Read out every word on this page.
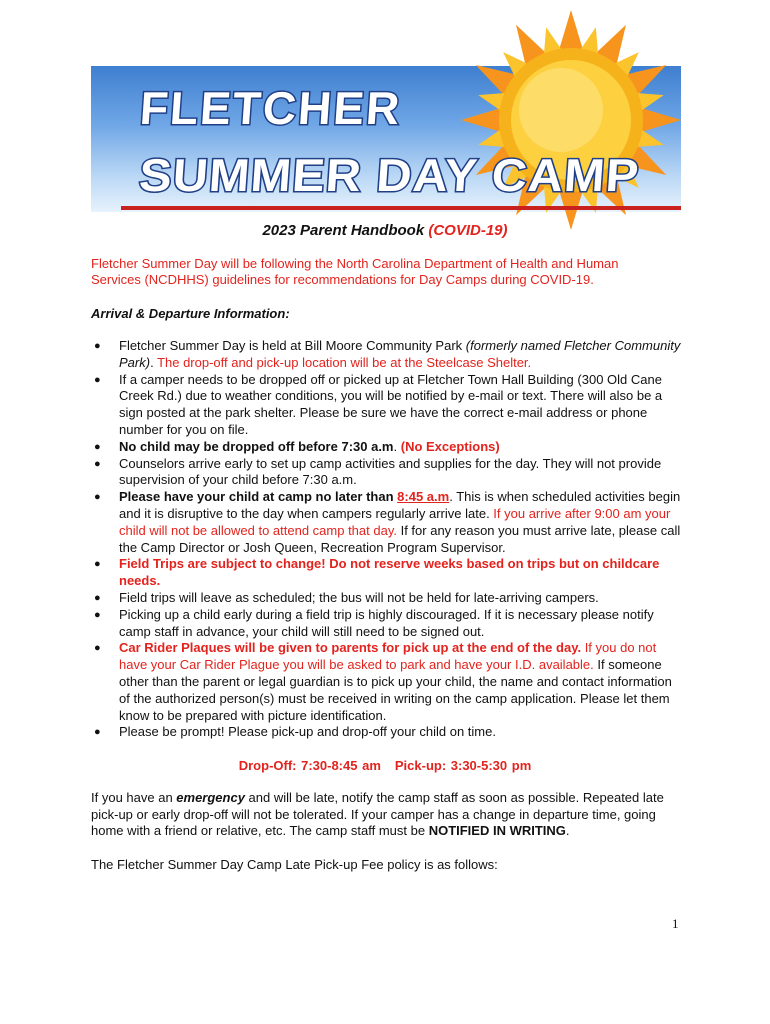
FLETCHER
SUMMER DAY CAMP
2023 Parent Handbook (COVID-19)
Fletcher Summer Day will be following the North Carolina Department of Health and Human Services (NCDHHS) guidelines for recommendations for Day Camps during COVID-19.
Arrival & Departure Information:
● Fletcher Summer Day is held at Bill Moore Community Park (formerly named Fletcher Community Park). The drop-off and pick-up location will be at the Steelcase Shelter.
● If a camper needs to be dropped off or picked up at Fletcher Town Hall Building (300 Old Cane Creek Rd.) due to weather conditions, you will be notified by e-mail or text. There will also be a sign posted at the park shelter. Please be sure we have the correct e-mail address or phone number for you on file.
● No child may be dropped off before 7:30 a.m. (No Exceptions)
● Counselors arrive early to set up camp activities and supplies for the day. They will not provide supervision of your child before 7:30 a.m.
● Please have your child at camp no later than 8:45 a.m. This is when scheduled activities begin and it is disruptive to the day when campers regularly arrive late. If you arrive after 9:00 am your child will not be allowed to attend camp that day. If for any reason you must arrive late, please call the Camp Director or Josh Queen, Recreation Program Supervisor.
● Field Trips are subject to change! Do not reserve weeks based on trips but on childcare needs.
● Field trips will leave as scheduled; the bus will not be held for late-arriving campers.
● Picking up a child early during a field trip is highly discouraged. If it is necessary please notify camp staff in advance, your child will still need to be signed out.
● Car Rider Plaques will be given to parents for pick up at the end of the day. If you do not have your Car Rider Plague you will be asked to park and have your I.D. available. If someone other than the parent or legal guardian is to pick up your child, the name and contact information of the authorized person(s) must be received in writing on the camp application. Please let them know to be prepared with picture identification.
● Please be prompt! Please pick-up and drop-off your child on time.
Drop-Off: 7:30-8:45 am Pick-up: 3:30-5:30 pm
If you have an emergency and will be late, notify the camp staff as soon as possible. Repeated late pick-up or early drop-off will not be tolerated. If your camper has a change in departure time, going home with a friend or relative, etc. The camp staff must be NOTIFIED IN WRITING.
The Fletcher Summer Day Camp Late Pick-up Fee policy is as follows:
1
